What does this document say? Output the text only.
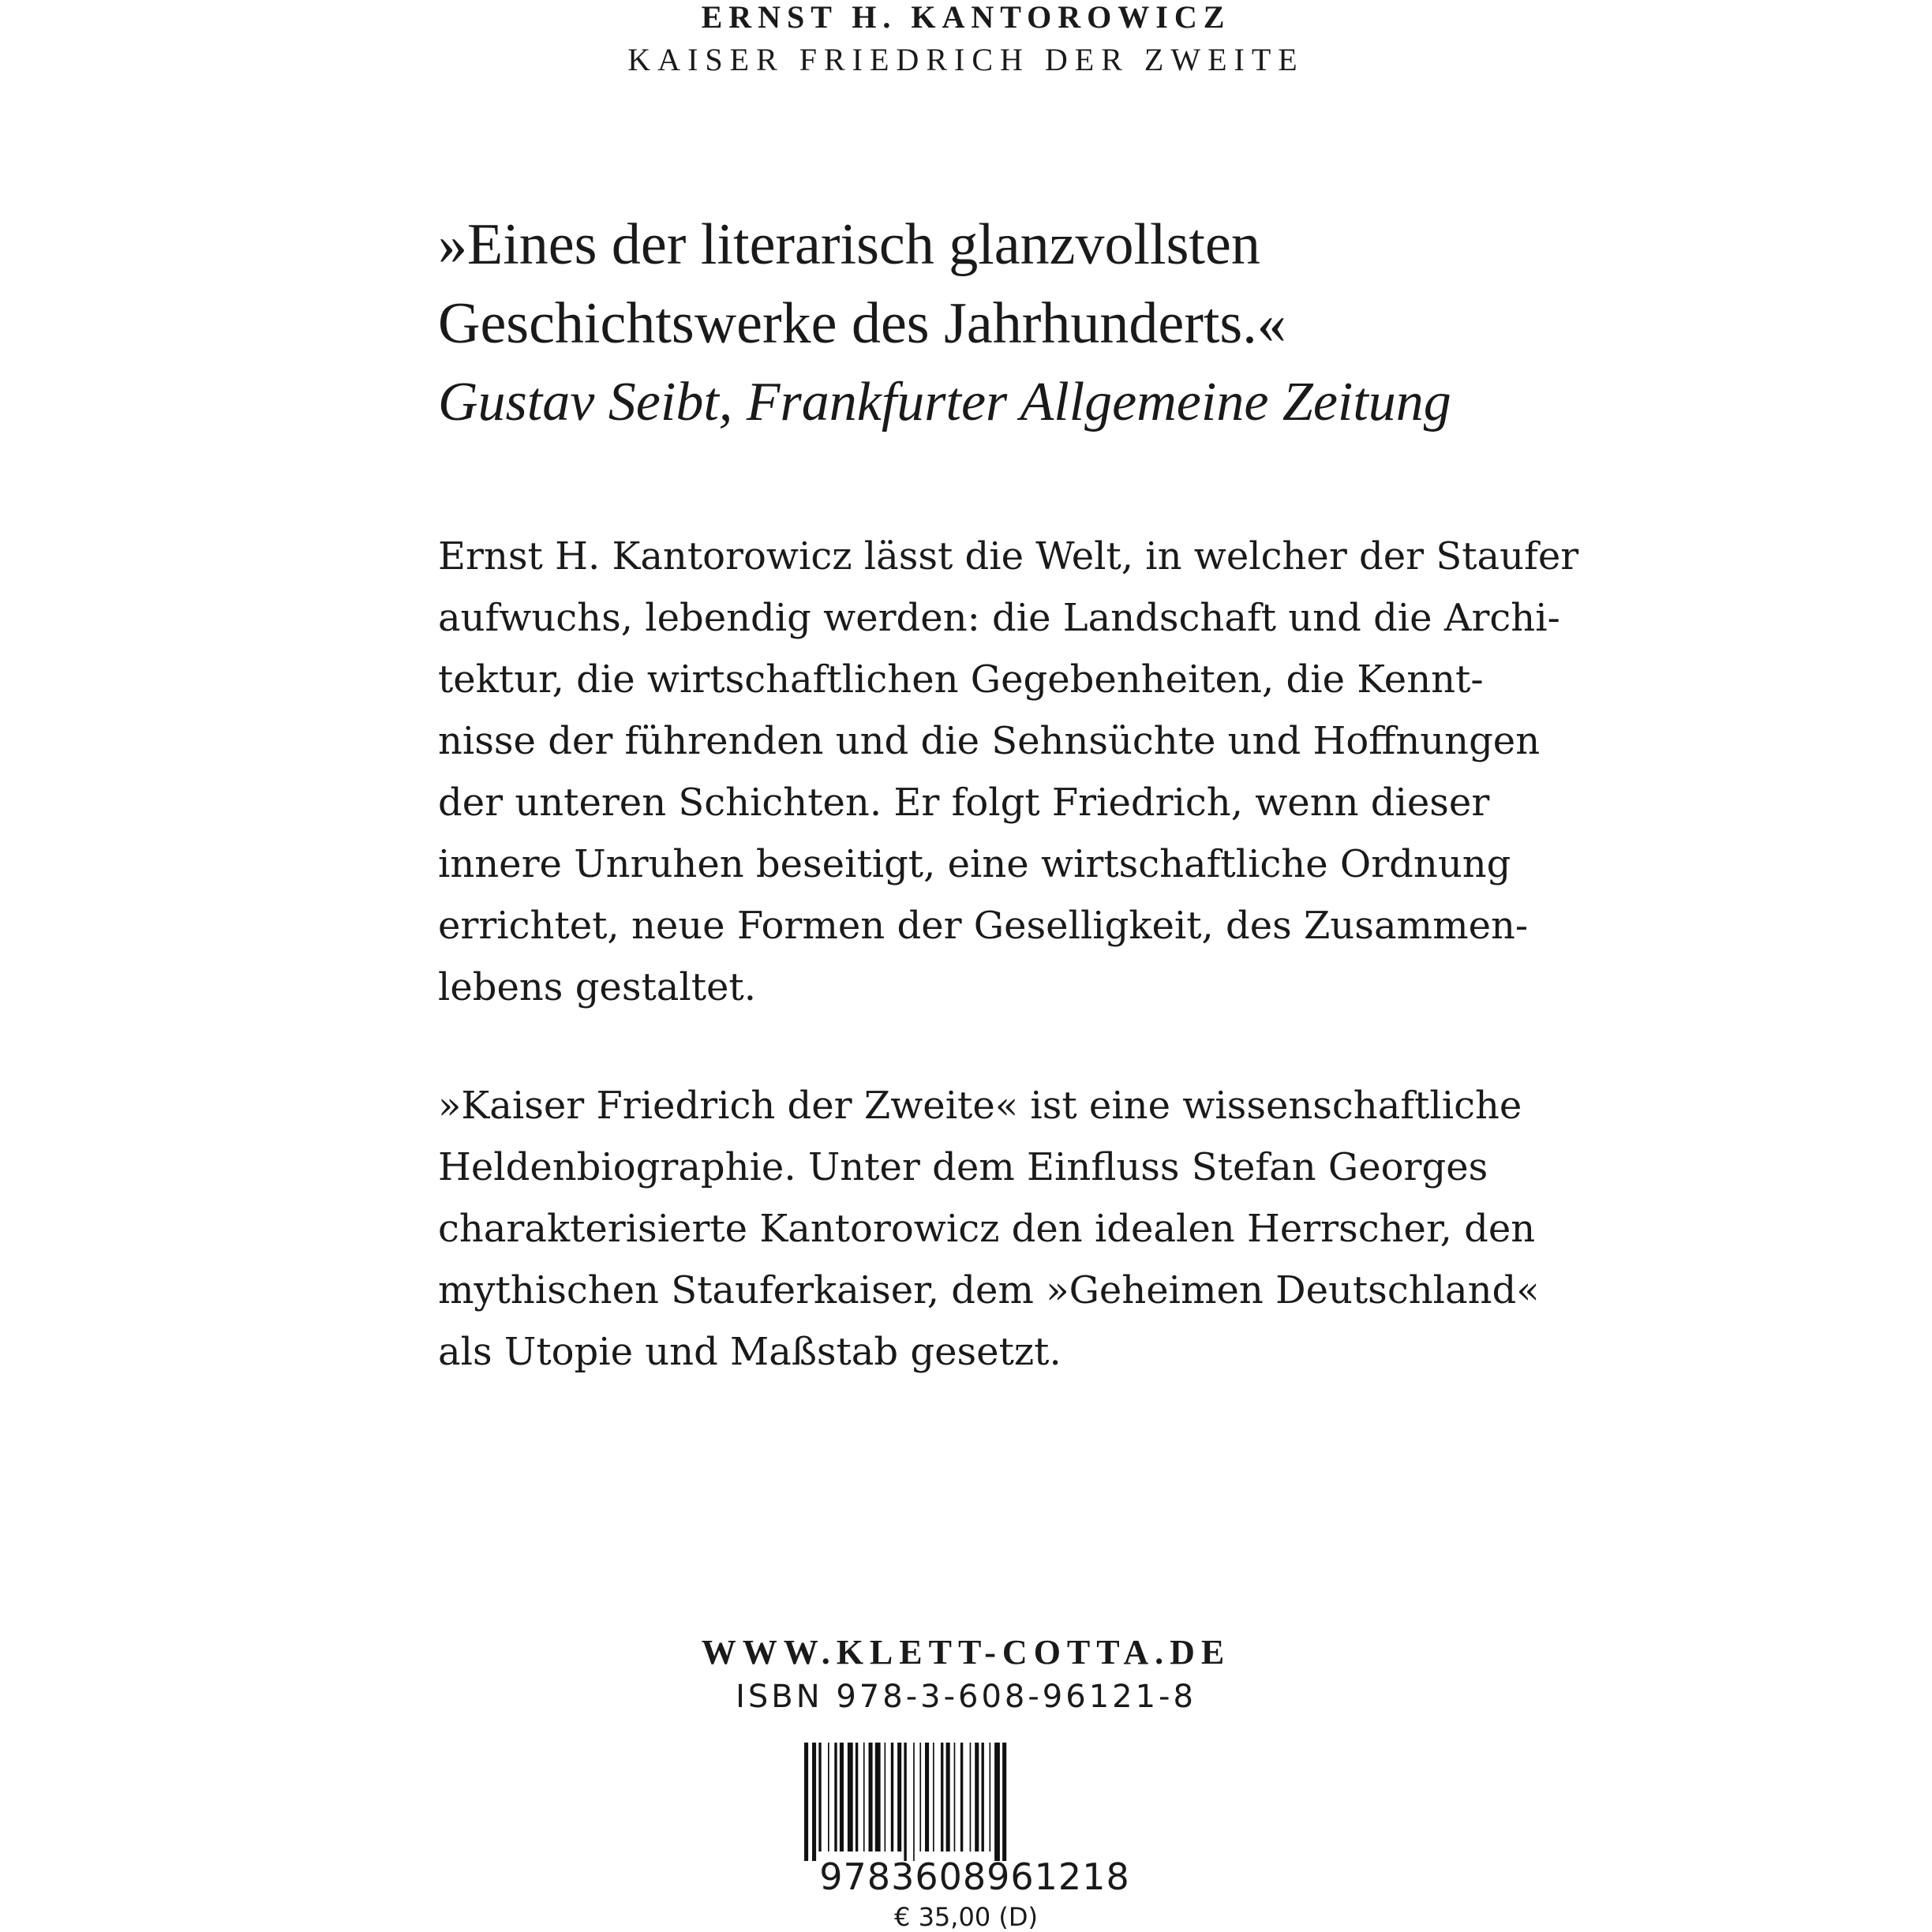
ERNST H. KANTOROWICZ
KAISER FRIEDRICH DER ZWEITE
»Eines der literarisch glanzvollsten
Geschichtswerke des Jahrhunderts.«
Gustav Seibt, Frankfurter Allgemeine Zeitung
Ernst H. Kantorowicz lässt die Welt, in welcher der Staufer
aufwuchs, lebendig werden: die Landschaft und die Archi-
tektur, die wirtschaftlichen Gegebenheiten, die Kennt-
nisse der führenden und die Sehnsüchte und Hoffnungen
der unteren Schichten. Er folgt Friedrich, wenn dieser
innere Unruhen beseitigt, eine wirtschaftliche Ordnung
errichtet, neue Formen der Geselligkeit, des Zusammen-
lebens gestaltet.
»Kaiser Friedrich der Zweite« ist eine wissenschaftliche
Heldenbiographie. Unter dem Einfluss Stefan Georges
charakterisierte Kantorowicz den idealen Herrscher, den
mythischen Stauferkaiser, dem »Geheimen Deutschland«
als Utopie und Maßstab gesetzt.
WWW.KLETT-COTTA.DE
ISBN 978-3-608-96121-8
9783608961218
€ 35,00 (D)
